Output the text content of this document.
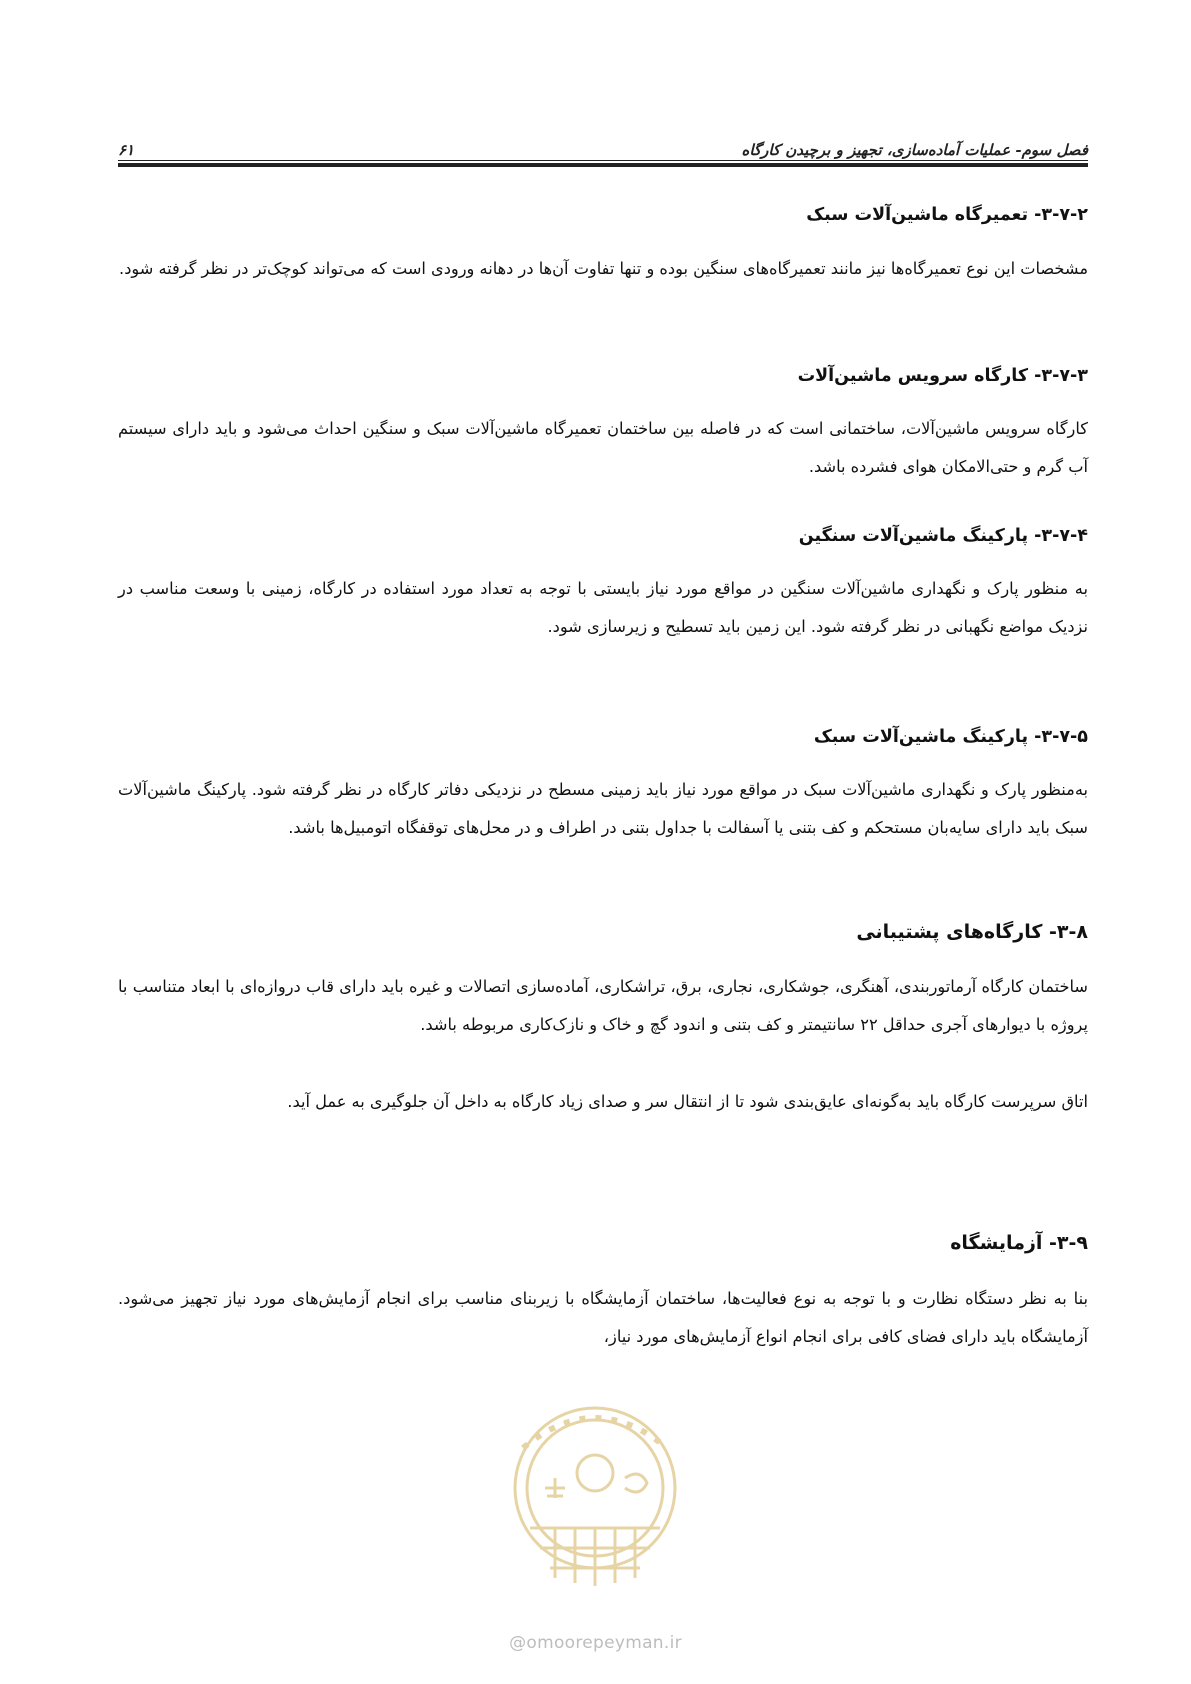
فصل سوم- عملیات آماده‌سازی، تجهیز و برچیدن کارگاه
۶۱
۳-۷-۲- تعمیرگاه ماشین‌آلات سبک

مشخصات این نوع تعمیرگاه‌ها نیز مانند تعمیرگاه‌های سنگین بوده و تنها تفاوت آن‌ها در دهانه ورودی است که می‌تواند کوچک‌تر در نظر گرفته شود.

۳-۷-۳- کارگاه سرویس ماشین‌آلات

کارگاه سرویس ماشین‌آلات، ساختمانی است که در فاصله بین ساختمان تعمیرگاه ماشین‌آلات سبک و سنگین احداث می‌شود و باید دارای سیستم آب گرم و حتی‌الامکان هوای فشرده باشد.

۳-۷-۴- پارکینگ ماشین‌آلات سنگین

به منظور پارک و نگهداری ماشین‌آلات سنگین در مواقع مورد نیاز بایستی با توجه به تعداد مورد استفاده در کارگاه، زمینی با وسعت مناسب در نزدیک مواضع نگهبانی در نظر گرفته شود. این زمین باید تسطیح و زیرسازی شود.

۳-۷-۵- پارکینگ ماشین‌آلات سبک

به‌منظور پارک و نگهداری ماشین‌آلات سبک در مواقع مورد نیاز باید زمینی مسطح در نزدیکی دفاتر کارگاه در نظر گرفته شود. پارکینگ ماشین‌آلات سبک باید دارای سایه‌بان مستحکم و کف بتنی یا آسفالت با جداول بتنی در اطراف و در محل‌های توقفگاه اتومبیل‌ها باشد.

۳-۸- کارگاه‌های پشتیبانی

ساختمان کارگاه آرماتوربندی، آهنگری، جوشکاری، نجاری، برق، تراشکاری، آماده‌سازی اتصالات و غیره باید دارای قاب دروازه‌ای با ابعاد متناسب با پروژه با دیوارهای آجری حداقل ۲۲ سانتیمتر و کف بتنی و اندود گچ و خاک و نازک‌کاری مربوطه باشد.

اتاق سرپرست کارگاه باید به‌گونه‌ای عایق‌بندی شود تا از انتقال سر و صدای زیاد کارگاه به داخل آن جلوگیری به عمل آید.

۳-۹- آزمایشگاه

بنا به نظر دستگاه نظارت و با توجه به نوع فعالیت‌ها، ساختمان آزمایشگاه با زیربنای مناسب برای انجام آزمایش‌های مورد نیاز تجهیز می‌شود. آزمایشگاه باید دارای فضای کافی برای انجام انواع آزمایش‌های مورد نیاز،

@omoorepeyman.ir
